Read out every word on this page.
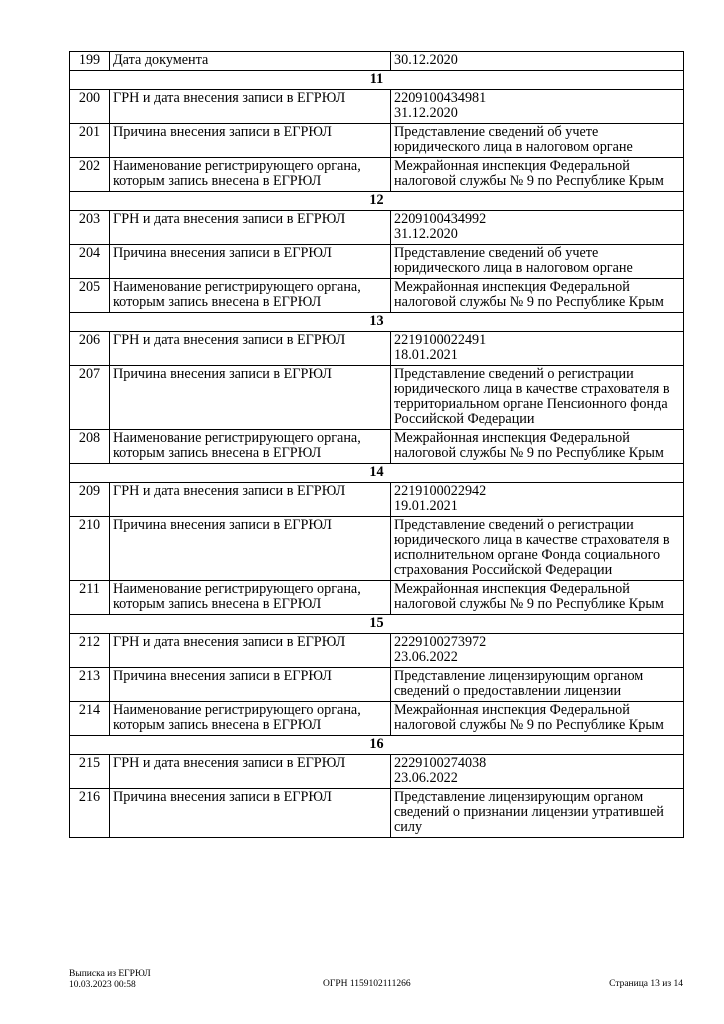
199	Дата документа	30.12.2020
11		
200	ГРН и дата внесения записи в ЕГРЮЛ	2209100434981
31.12.2020
201	Причина внесения записи в ЕГРЮЛ	Представление сведений об учете юридического лица в налоговом органе
202	Наименование регистрирующего органа, которым запись внесена в ЕГРЮЛ	Межрайонная инспекция Федеральной налоговой службы № 9 по Республике Крым
12		
203	ГРН и дата внесения записи в ЕГРЮЛ	2209100434992
31.12.2020
204	Причина внесения записи в ЕГРЮЛ	Представление сведений об учете юридического лица в налоговом органе
205	Наименование регистрирующего органа, которым запись внесена в ЕГРЮЛ	Межрайонная инспекция Федеральной налоговой службы № 9 по Республике Крым
13		
206	ГРН и дата внесения записи в ЕГРЮЛ	2219100022491
18.01.2021
207	Причина внесения записи в ЕГРЮЛ	Представление сведений о регистрации юридического лица в качестве страхователя в территориальном органе Пенсионного фонда Российской Федерации
208	Наименование регистрирующего органа, которым запись внесена в ЕГРЮЛ	Межрайонная инспекция Федеральной налоговой службы № 9 по Республике Крым
14		
209	ГРН и дата внесения записи в ЕГРЮЛ	2219100022942
19.01.2021
210	Причина внесения записи в ЕГРЮЛ	Представление сведений о регистрации юридического лица в качестве страхователя в исполнительном органе Фонда социального страхования Российской Федерации
211	Наименование регистрирующего органа, которым запись внесена в ЕГРЮЛ	Межрайонная инспекция Федеральной налоговой службы № 9 по Республике Крым
15		
212	ГРН и дата внесения записи в ЕГРЮЛ	2229100273972
23.06.2022
213	Причина внесения записи в ЕГРЮЛ	Представление лицензирующим органом сведений о предоставлении лицензии
214	Наименование регистрирующего органа, которым запись внесена в ЕГРЮЛ	Межрайонная инспекция Федеральной налоговой службы № 9 по Республике Крым
16		
215	ГРН и дата внесения записи в ЕГРЮЛ	2229100274038
23.06.2022
216	Причина внесения записи в ЕГРЮЛ	Представление лицензирующим органом сведений о признании лицензии утратившей силу
Выписка из ЕГРЮЛ
10.03.2023 00:58	ОГРН 1159102111266	Страница 13 из 14
